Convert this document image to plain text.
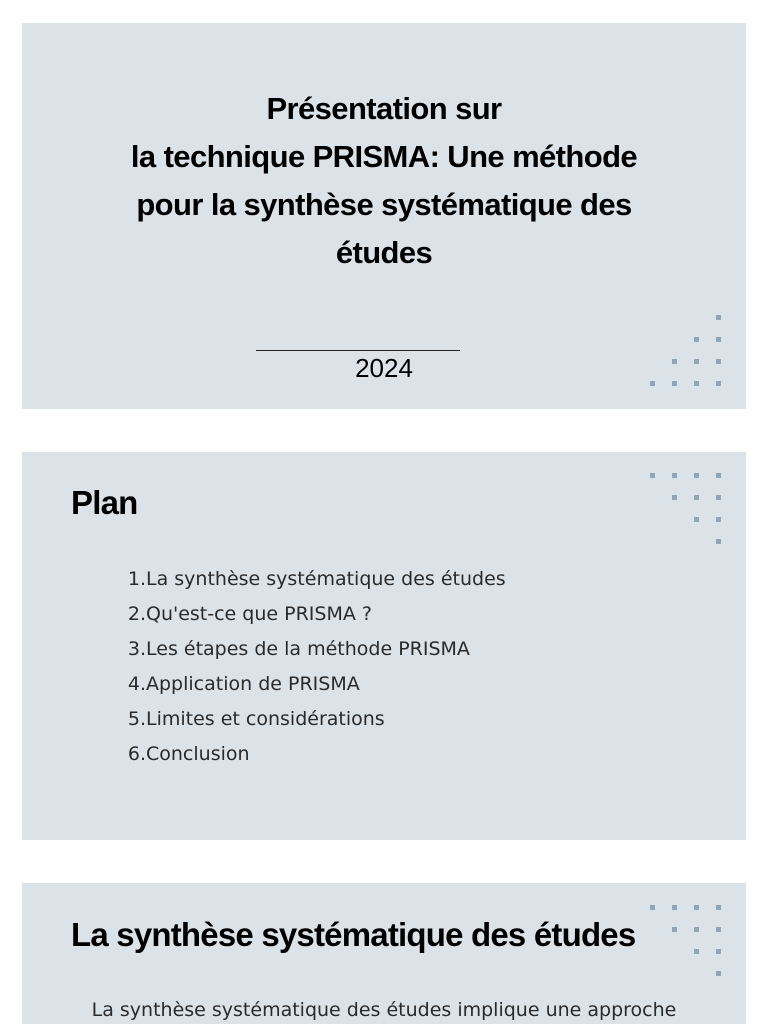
Présentation sur
la technique PRISMA: Une méthode
pour la synthèse systématique des
études
2024
Plan
1. La synthèse systématique des études
2. Qu'est-ce que PRISMA ?
3. Les étapes de la méthode PRISMA
4. Application de PRISMA
5. Limites et considérations
6. Conclusion
La synthèse systématique des études
La synthèse systématique des études implique une approche
